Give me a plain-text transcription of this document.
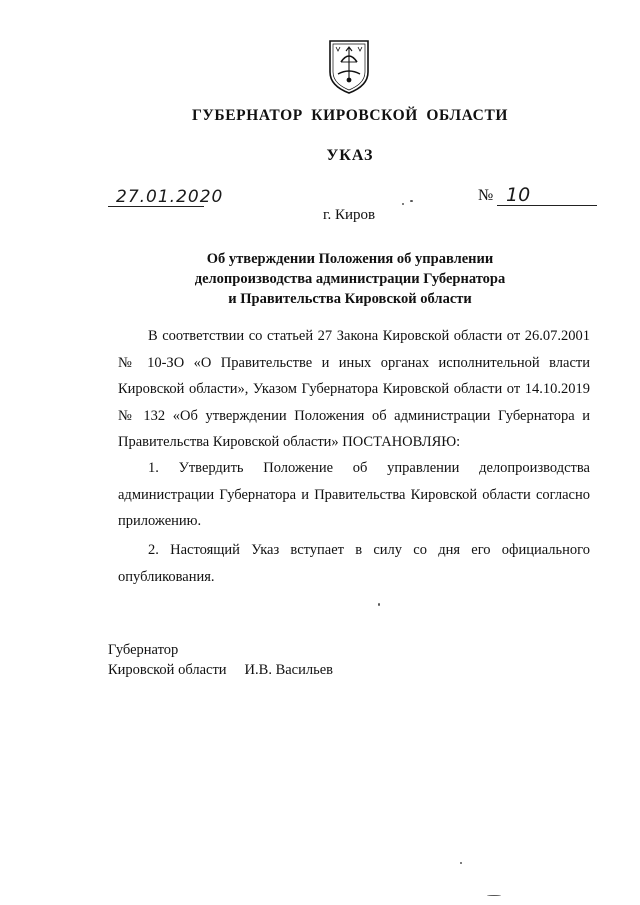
ГУБЕРНАТОР КИРОВСКОЙ ОБЛАСТИ
УКАЗ
27.01.2020	№ 10
г. Киров
Об утверждении Положения об управлении
делопроизводства администрации Губернатора
и Правительства Кировской области
В соответствии со статьей 27 Закона Кировской области от 26.07.2001 № 10-ЗО «О Правительстве и иных органах исполнительной власти Кировской области», Указом Губернатора Кировской области от 14.10.2019 № 132 «Об утверждении Положения об администрации Губернатора и Правительства Кировской области» ПОСТАНОВЛЯЮ:
1. Утвердить Положение об управлении делопроизводства администрации Губернатора и Правительства Кировской области согласно приложению.
2. Настоящий Указ вступает в силу со дня его официального опубликования.
Губернатор
Кировской области И.В. Васильев
